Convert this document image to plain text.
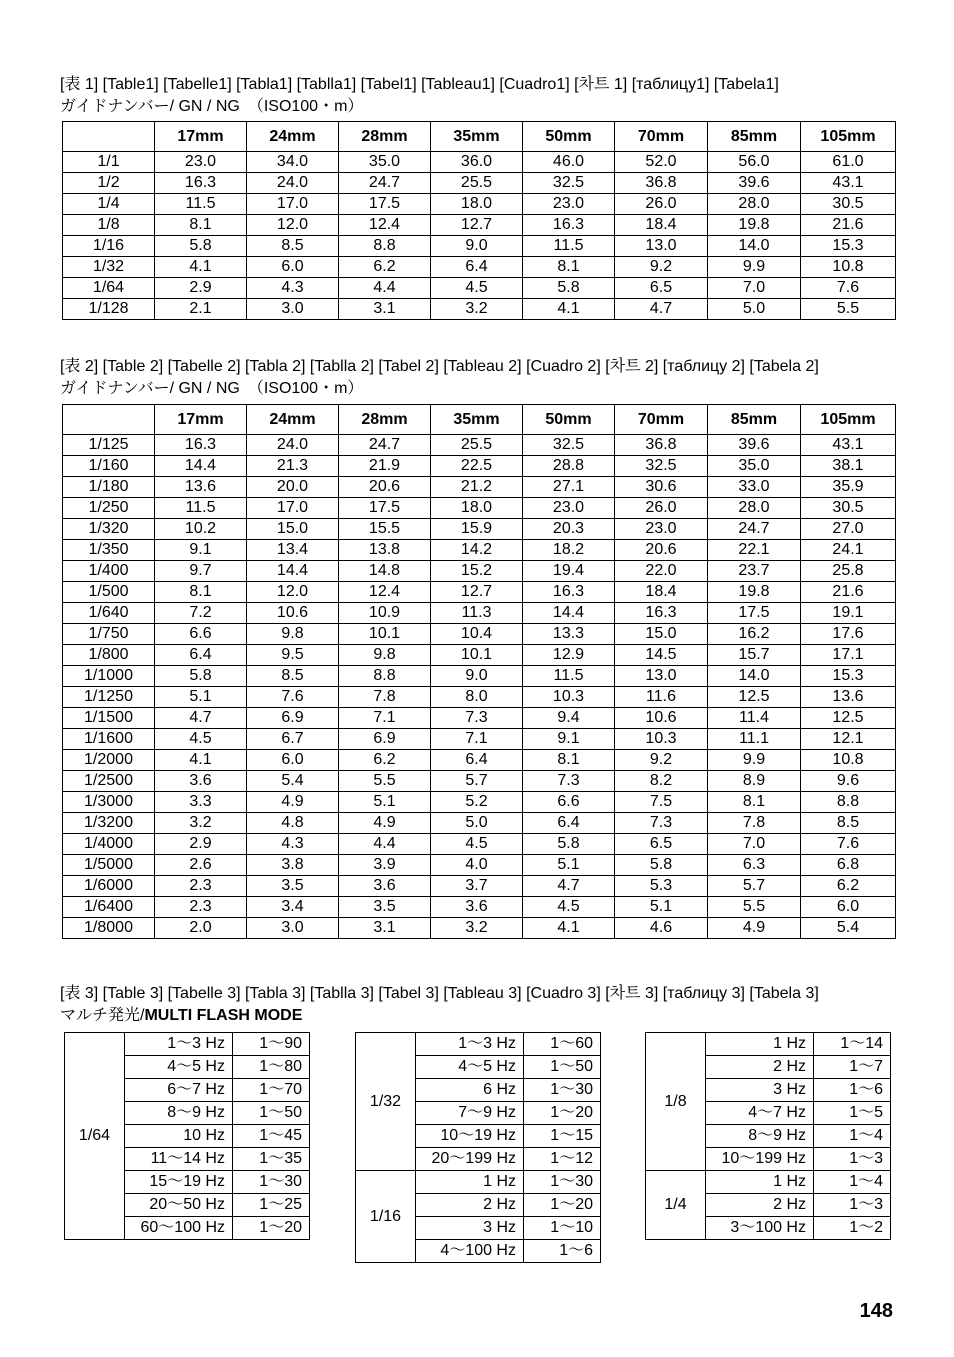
[表 1] [Table1] [Tabelle1] [Tabla1] [Tablla1] [Tabel1] [Tableau1] [Cuadro1] [차트 1] [таблицу1] [Tabela1]
ガイドナンバー/ GN / NG　（ISO100・m）
	17mm	24mm	28mm	35mm	50mm	70mm	85mm	105mm
1/1	23.0	34.0	35.0	36.0	46.0	52.0	56.0	61.0
1/2	16.3	24.0	24.7	25.5	32.5	36.8	39.6	43.1
1/4	11.5	17.0	17.5	18.0	23.0	26.0	28.0	30.5
1/8	8.1	12.0	12.4	12.7	16.3	18.4	19.8	21.6
1/16	5.8	8.5	8.8	9.0	11.5	13.0	14.0	15.3
1/32	4.1	6.0	6.2	6.4	8.1	9.2	9.9	10.8
1/64	2.9	4.3	4.4	4.5	5.8	6.5	7.0	7.6
1/128	2.1	3.0	3.1	3.2	4.1	4.7	5.0	5.5
[表 2] [Table 2] [Tabelle 2] [Tabla 2] [Tablla 2] [Tabel 2] [Tableau 2] [Cuadro 2] [차트 2] [таблицу 2] [Tabela 2]
ガイドナンバー/ GN / NG　（ISO100・m）
	17mm	24mm	28mm	35mm	50mm	70mm	85mm	105mm
1/125	16.3	24.0	24.7	25.5	32.5	36.8	39.6	43.1
1/160	14.4	21.3	21.9	22.5	28.8	32.5	35.0	38.1
1/180	13.6	20.0	20.6	21.2	27.1	30.6	33.0	35.9
1/250	11.5	17.0	17.5	18.0	23.0	26.0	28.0	30.5
1/320	10.2	15.0	15.5	15.9	20.3	23.0	24.7	27.0
1/350	9.1	13.4	13.8	14.2	18.2	20.6	22.1	24.1
1/400	9.7	14.4	14.8	15.2	19.4	22.0	23.7	25.8
1/500	8.1	12.0	12.4	12.7	16.3	18.4	19.8	21.6
1/640	7.2	10.6	10.9	11.3	14.4	16.3	17.5	19.1
1/750	6.6	9.8	10.1	10.4	13.3	15.0	16.2	17.6
1/800	6.4	9.5	9.8	10.1	12.9	14.5	15.7	17.1
1/1000	5.8	8.5	8.8	9.0	11.5	13.0	14.0	15.3
1/1250	5.1	7.6	7.8	8.0	10.3	11.6	12.5	13.6
1/1500	4.7	6.9	7.1	7.3	9.4	10.6	11.4	12.5
1/1600	4.5	6.7	6.9	7.1	9.1	10.3	11.1	12.1
1/2000	4.1	6.0	6.2	6.4	8.1	9.2	9.9	10.8
1/2500	3.6	5.4	5.5	5.7	7.3	8.2	8.9	9.6
1/3000	3.3	4.9	5.1	5.2	6.6	7.5	8.1	8.8
1/3200	3.2	4.8	4.9	5.0	6.4	7.3	7.8	8.5
1/4000	2.9	4.3	4.4	4.5	5.8	6.5	7.0	7.6
1/5000	2.6	3.8	3.9	4.0	5.1	5.8	6.3	6.8
1/6000	2.3	3.5	3.6	3.7	4.7	5.3	5.7	6.2
1/6400	2.3	3.4	3.5	3.6	4.5	5.1	5.5	6.0
1/8000	2.0	3.0	3.1	3.2	4.1	4.6	4.9	5.4
[表 3] [Table 3] [Tabelle 3] [Tabla 3] [Tablla 3] [Tabel 3] [Tableau 3] [Cuadro 3] [차트 3] [таблицу 3] [Tabela 3]
マルチ発光/MULTI FLASH MODE
1/64	1〜3 Hz	1〜90
	4〜5 Hz	1〜80
	6〜7 Hz	1〜70
	8〜9 Hz	1〜50
	10 Hz	1〜45
	11〜14 Hz	1〜35
	15〜19 Hz	1〜30
	20〜50 Hz	1〜25
	60〜100 Hz	1〜20
1/32	1〜3 Hz	1〜60
	4〜5 Hz	1〜50
	6 Hz	1〜30
	7〜9 Hz	1〜20
	10〜19 Hz	1〜15
	20〜199 Hz	1〜12
1/16	1 Hz	1〜30
	2 Hz	1〜20
	3 Hz	1〜10
	4〜100 Hz	1〜6
1/8	1 Hz	1〜14
	2 Hz	1〜7
	3 Hz	1〜6
	4〜7 Hz	1〜5
	8〜9 Hz	1〜4
	10〜199 Hz	1〜3
1/4	1 Hz	1〜4
	2 Hz	1〜3
	3〜100 Hz	1〜2
148
